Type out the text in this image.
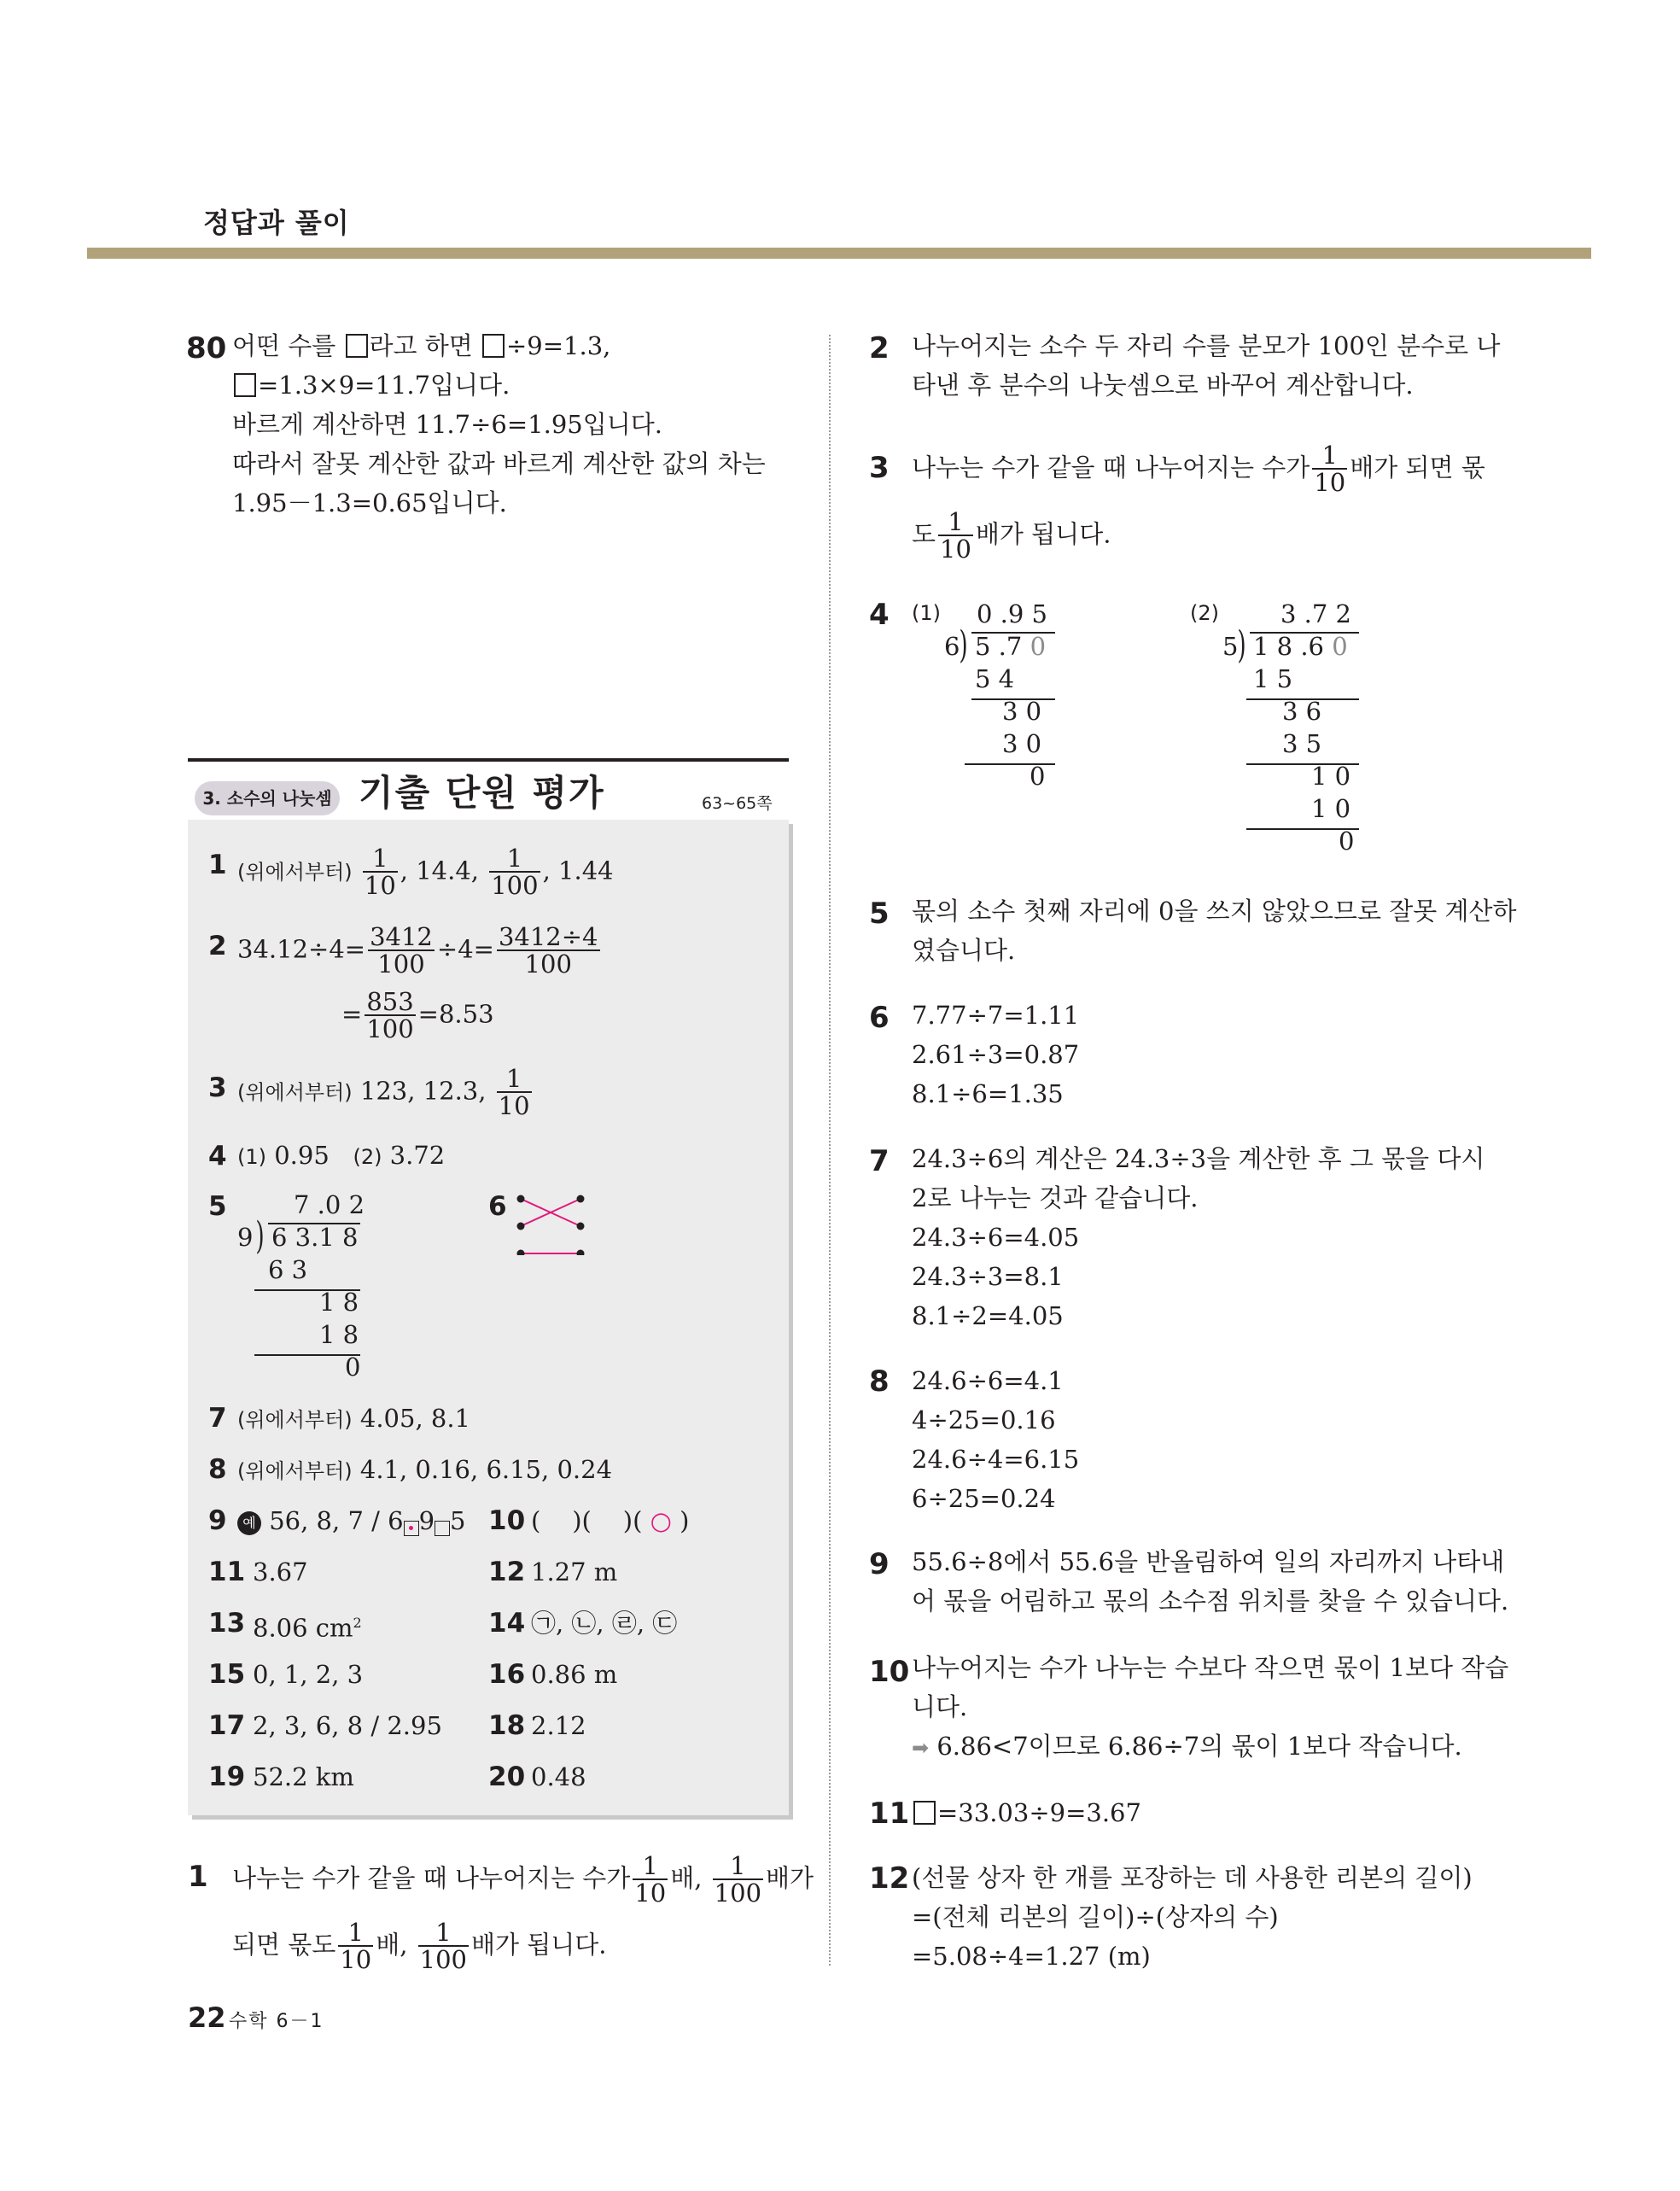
정답과 풀이
80 어떤 수를 라고 하면 ÷9=1.3,
=1.3×9=11.7입니다.
바르게 계산하면 11.7÷6=1.95입니다.
따라서 잘못 계산한 값과 바르게 계산한 값의 차는
1.95－1.3=0.65입니다.
3. 소수의 나눗셈 기출 단원 평가	63~65쪽
1 (위에서부터) $\frac{1}{10}$ , 14.4, $\frac{1}{100}$ , 1.44
2 $34.12\div 4= \frac{3412}{100} \div 4= \frac{3412\div 4}{100}$
= $\frac{853}{100} =8.53$
3 (위에서부터) 123, 12.3, $\frac{1}{10}$
4 (1) 0.95 (2) 3.72
5	7 .0 2
9 6 3.1 8
6 3
1 8
1 8
0
)
6
7 (위에서부터) 4.05, 8.1
8 (위에서부터) 4.1, 0.16, 6.15, 0.24
9	예 56, 8, 7 / 6 9 5 10 ( )( )( ○ )
11 3.67	12 1.27 m
13 8.06 $cm^2$	14 ㉠, ㉡, ㉣, ㉢
15 0, 1, 2, 3	16 0.86 m
17 2, 3, 6, 8 / 2.95 18 2.12
19 52.2 km	20 0.48
1 나누는 수가 같을 때 나누어지는 수가 $\frac{1}{10}$ 배, $\frac{1}{100}$ 배가
되면 몫도 $\frac{1}{10}$ 배, $\frac{1}{100}$ 배가 됩니다.
2 나누어지는 소수 두 자리 수를 분모가 100인 분수로 나
타낸 후 분수의 나눗셈으로 바꾸어 계산합니다.
3 나누는 수가 같을 때 나누어지는 수가 $\frac{1}{10}$ 배가 되면 몫
도 $\frac{1}{10}$ 배가 됩니다.
4 (1)	(2)
0 .9 5
6 5 .7 0
5 4
3 0
3 0
0
)
3 .7 2
5 1 8 .6 0
1 5
3 6
3 5
1 0
1 0
0
)
5 몫의 소수 첫째 자리에 0을 쓰지 않았으므로 잘못 계산하
였습니다.
6 7.77÷7=1.11
2.61÷3=0.87
8.1÷6=1.35
7 24.3÷6의 계산은 24.3÷3을 계산한 후 그 몫을 다시
2로 나누는 것과 같습니다.
24.3÷6=4.05
24.3÷3=8.1
8.1÷2=4.05
8 24.6÷6=4.1
4÷25=0.16
24.6÷4=6.15
6÷25=0.24
9 55.6÷8에서 55.6을 반올림하여 일의 자리까지 나타내
어 몫을 어림하고 몫의 소수점 위치를 찾을 수 있습니다.
10 나누어지는 수가 나누는 수보다 작으면 몫이 1보다 작습
니다.
➡ 6.86<7이므로 6.86÷7의 몫이 1보다 작습니다.
11	=33.03÷9=3.67
12 (선물 상자 한 개를 포장하는 데 사용한 리본의 길이)
=(전체 리본의 길이)÷(상자의 수)
=5.08÷4=1.27 (m)
22 수학 6－1
